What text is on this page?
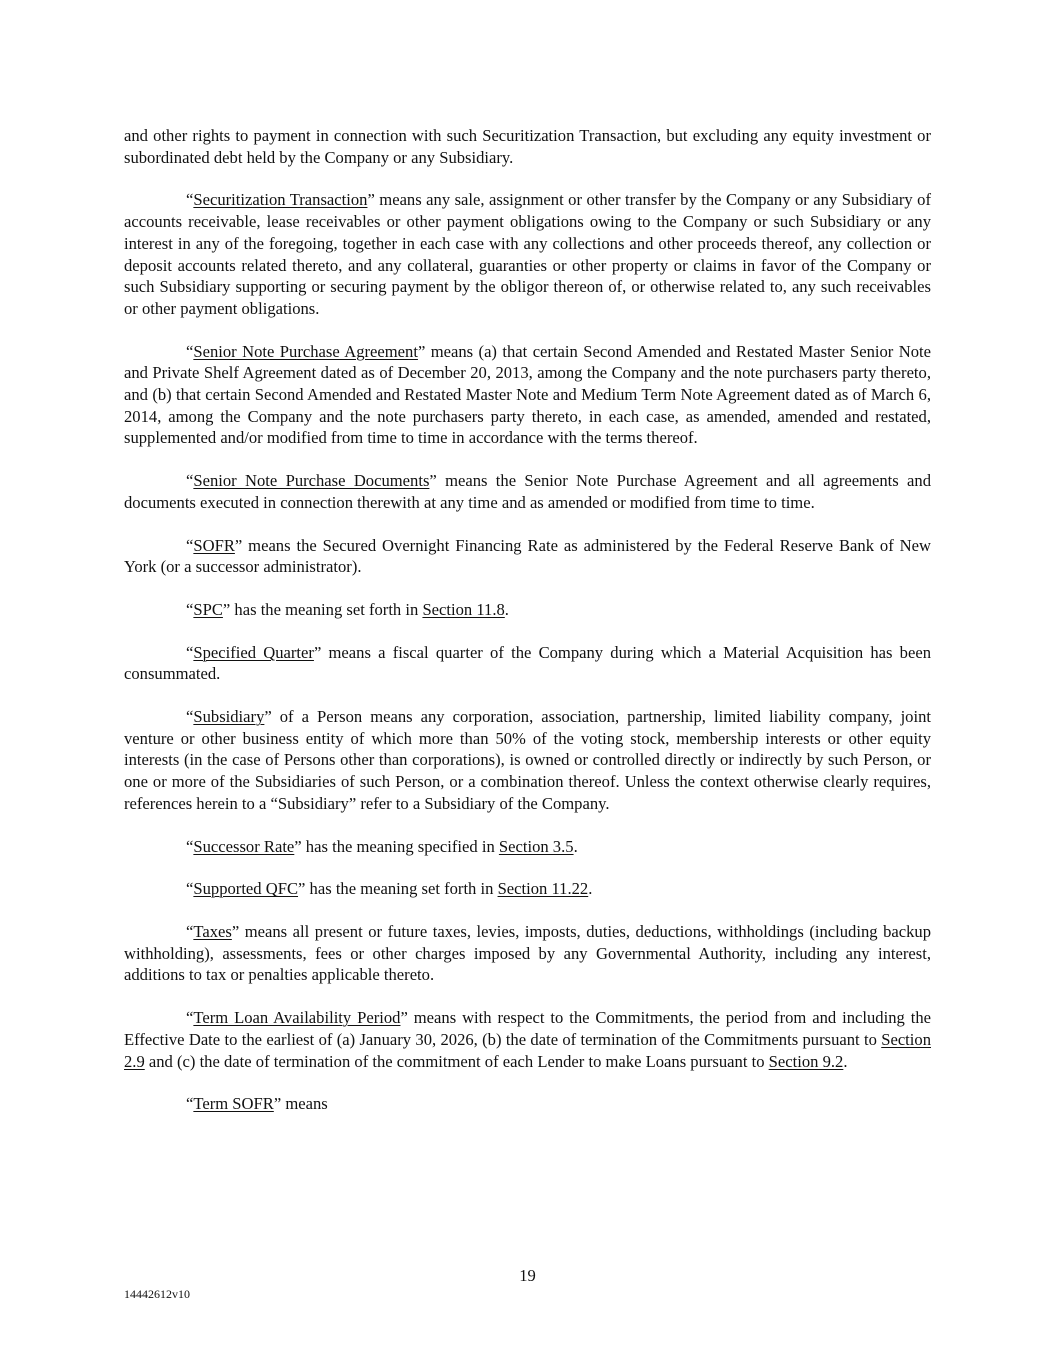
and other rights to payment in connection with such Securitization Transaction, but excluding any equity investment or subordinated debt held by the Company or any Subsidiary.

“Securitization Transaction” means any sale, assignment or other transfer by the Company or any Subsidiary of accounts receivable, lease receivables or other payment obligations owing to the Company or such Subsidiary or any interest in any of the foregoing, together in each case with any collections and other proceeds thereof, any collection or deposit accounts related thereto, and any collateral, guaranties or other property or claims in favor of the Company or such Subsidiary supporting or securing payment by the obligor thereon of, or otherwise related to, any such receivables or other payment obligations.

“Senior Note Purchase Agreement” means (a) that certain Second Amended and Restated Master Senior Note and Private Shelf Agreement dated as of December 20, 2013, among the Company and the note purchasers party thereto, and (b) that certain Second Amended and Restated Master Note and Medium Term Note Agreement dated as of March 6, 2014, among the Company and the note purchasers party thereto, in each case, as amended, amended and restated, supplemented and/or modified from time to time in accordance with the terms thereof.

“Senior Note Purchase Documents” means the Senior Note Purchase Agreement and all agreements and documents executed in connection therewith at any time and as amended or modified from time to time.

“SOFR” means the Secured Overnight Financing Rate as administered by the Federal Reserve Bank of New York (or a successor administrator).

“SPC” has the meaning set forth in Section 11.8.

“Specified Quarter” means a fiscal quarter of the Company during which a Material Acquisition has been consummated.

“Subsidiary” of a Person means any corporation, association, partnership, limited liability company, joint venture or other business entity of which more than 50% of the voting stock, membership interests or other equity interests (in the case of Persons other than corporations), is owned or controlled directly or indirectly by such Person, or one or more of the Subsidiaries of such Person, or a combination thereof. Unless the context otherwise clearly requires, references herein to a “Subsidiary” refer to a Subsidiary of the Company.

“Successor Rate” has the meaning specified in Section 3.5.

“Supported QFC” has the meaning set forth in Section 11.22.

“Taxes” means all present or future taxes, levies, imposts, duties, deductions, withholdings (including backup withholding), assessments, fees or other charges imposed by any Governmental Authority, including any interest, additions to tax or penalties applicable thereto.

“Term Loan Availability Period” means with respect to the Commitments, the period from and including the Effective Date to the earliest of (a) January 30, 2026, (b) the date of termination of the Commitments pursuant to Section 2.9 and (c) the date of termination of the commitment of each Lender to make Loans pursuant to Section 9.2.

“Term SOFR” means

19
14442612v10
